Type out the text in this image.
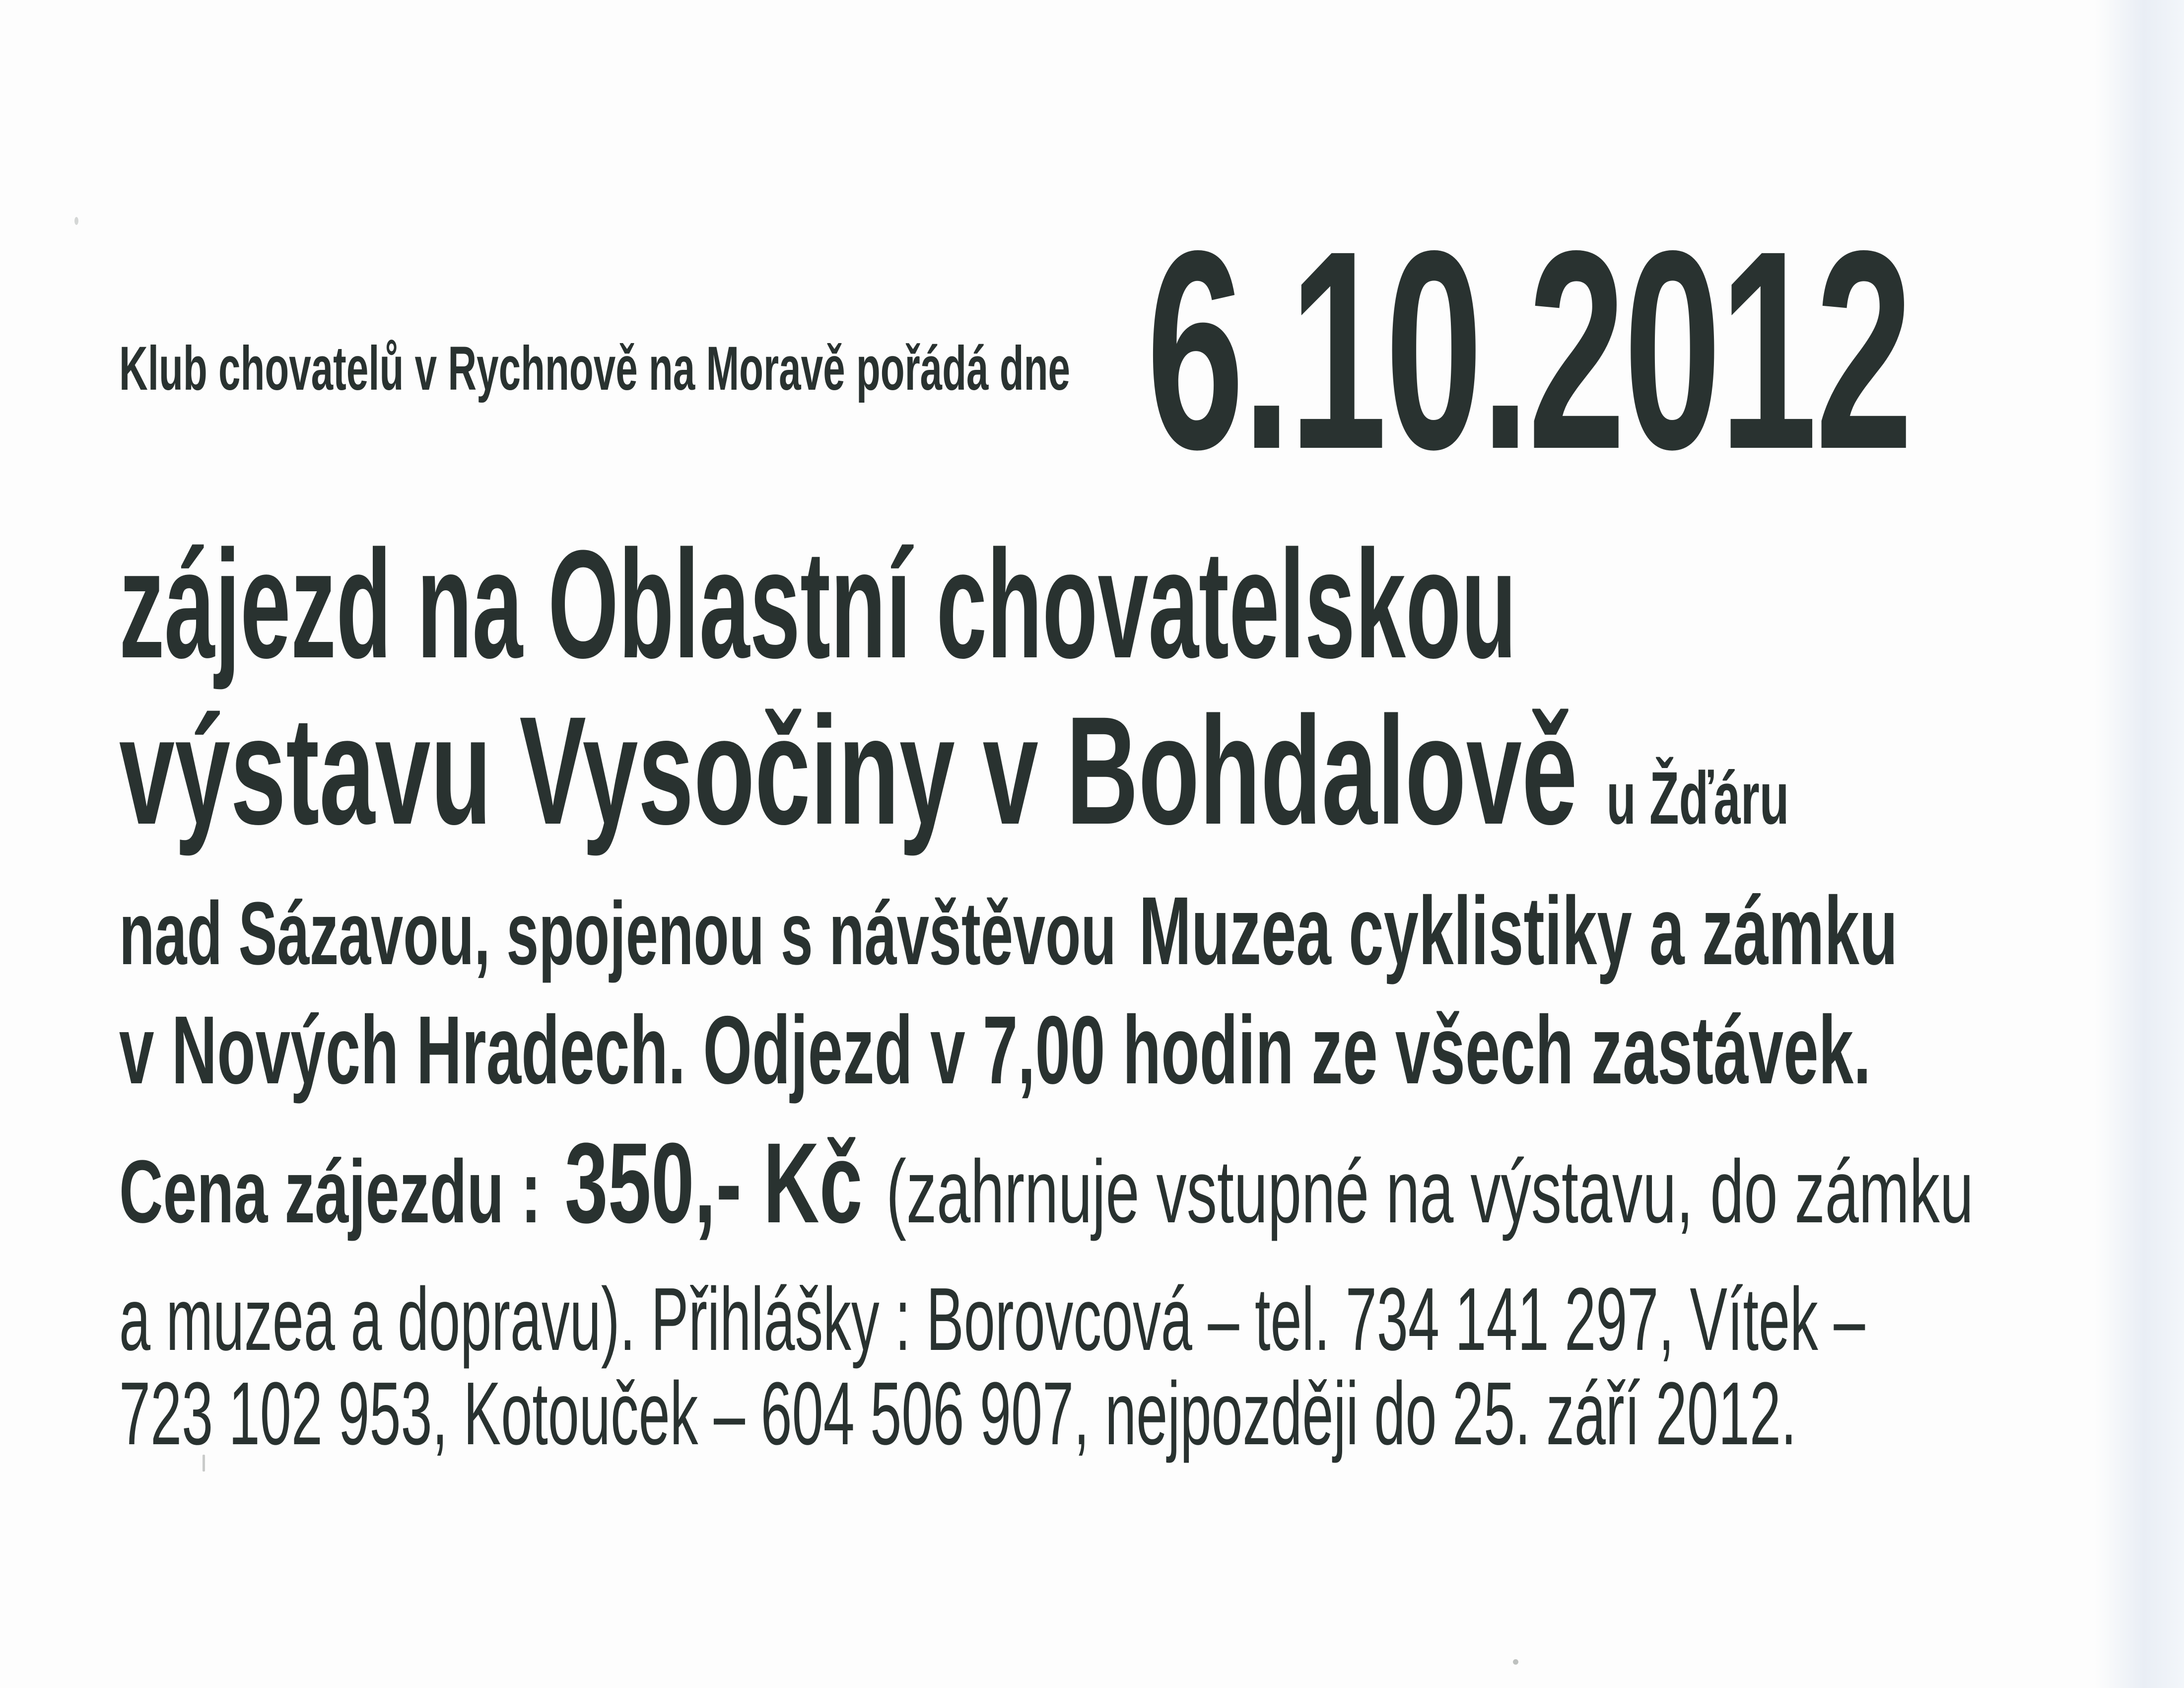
Klub chovatelů v Rychnově na Moravě pořádá dne 6.10.2012
zájezd na Oblastní chovatelskou
výstavu Vysočiny v Bohdalově u Žďáru
nad Sázavou, spojenou s návštěvou Muzea cyklistiky a zámku
v Nových Hradech. Odjezd v 7,00 hodin ze všech zastávek.
Cena zájezdu : 350,- Kč (zahrnuje vstupné na výstavu, do zámku
a muzea a dopravu). Přihlášky : Borovcová – tel. 734 141 297, Vítek –
723 102 953, Kotouček – 604 506 907, nejpozději do 25. září 2012.
